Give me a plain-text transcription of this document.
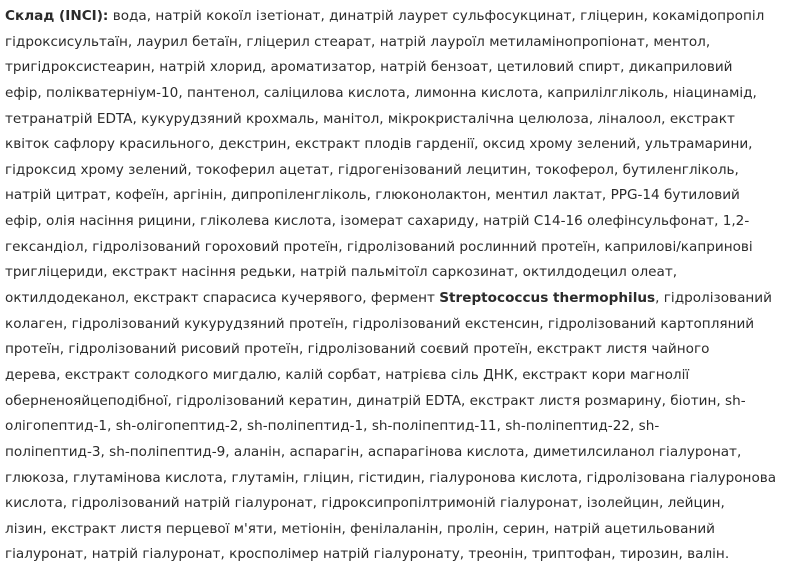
Склад (INCI): вода, натрій кокоїл ізетіонат, динатрій лаурет сульфосукцинат, гліцерин, кокамідопропіл
гідроксисультаїн, лаурил бетаїн, гліцерил стеарат, натрій лауроїл метиламінопропіонат, ментол,
тригідроксистеарин, натрій хлорид, ароматизатор, натрій бензоат, цетиловий спирт, дикаприловий
ефір, полікватерніум-10, пантенол, саліцилова кислота, лимонна кислота, каприлілгліколь, ніацинамід,
тетранатрій EDTA, кукурудзяний крохмаль, манітол, мікрокристалічна целюлоза, ліналоол, екстракт
квіток сафлору красильного, декстрин, екстракт плодів гарденії, оксид хрому зелений, ультрамарини,
гідроксид хрому зелений, токоферил ацетат, гідрогенізований лецитин, токоферол, бутиленгліколь,
натрій цитрат, кофеїн, аргінін, дипропіленгліколь, глюконолактон, ментил лактат, PPG-14 бутиловий
ефір, олія насіння рицини, гліколева кислота, ізомерат сахариду, натрій C14-16 олефінсульфонат, 1,2-
гександіол, гідролізований гороховий протеїн, гідролізований рослинний протеїн, каприлові/капринові
тригліцериди, екстракт насіння редьки, натрій пальмітоїл саркозинат, октилдодецил олеат,
октилдодеканол, екстракт спарасиса кучерявого, фермент Streptococcus thermophilus, гідролізований
колаген, гідролізований кукурудзяний протеїн, гідролізований екстенсин, гідролізований картопляний
протеїн, гідролізований рисовий протеїн, гідролізований соєвий протеїн, екстракт листя чайного
дерева, екстракт солодкого мигдалю, калій сорбат, натрієва сіль ДНК, екстракт кори магнолії
оберненояйцеподібної, гідролізований кератин, динатрій EDTA, екстракт листя розмарину, біотин, sh-
олігопептид-1, sh-олігопептид-2, sh-поліпептид-1, sh-поліпептид-11, sh-поліпептид-22, sh-
поліпептид-3, sh-поліпептид-9, аланін, аспарагін, аспарагінова кислота, диметилсиланол гіалуронат,
глюкоза, глутамінова кислота, глутамін, гліцин, гістидин, гіалуронова кислота, гідролізована гіалуронова
кислота, гідролізований натрій гіалуронат, гідроксипропілтримоній гіалуронат, ізолейцин, лейцин,
лізин, екстракт листя перцевої м'яти, метіонін, фенілаланін, пролін, серин, натрій ацетильований
гіалуронат, натрій гіалуронат, кросполімер натрій гіалуронату, треонін, триптофан, тирозин, валін.
